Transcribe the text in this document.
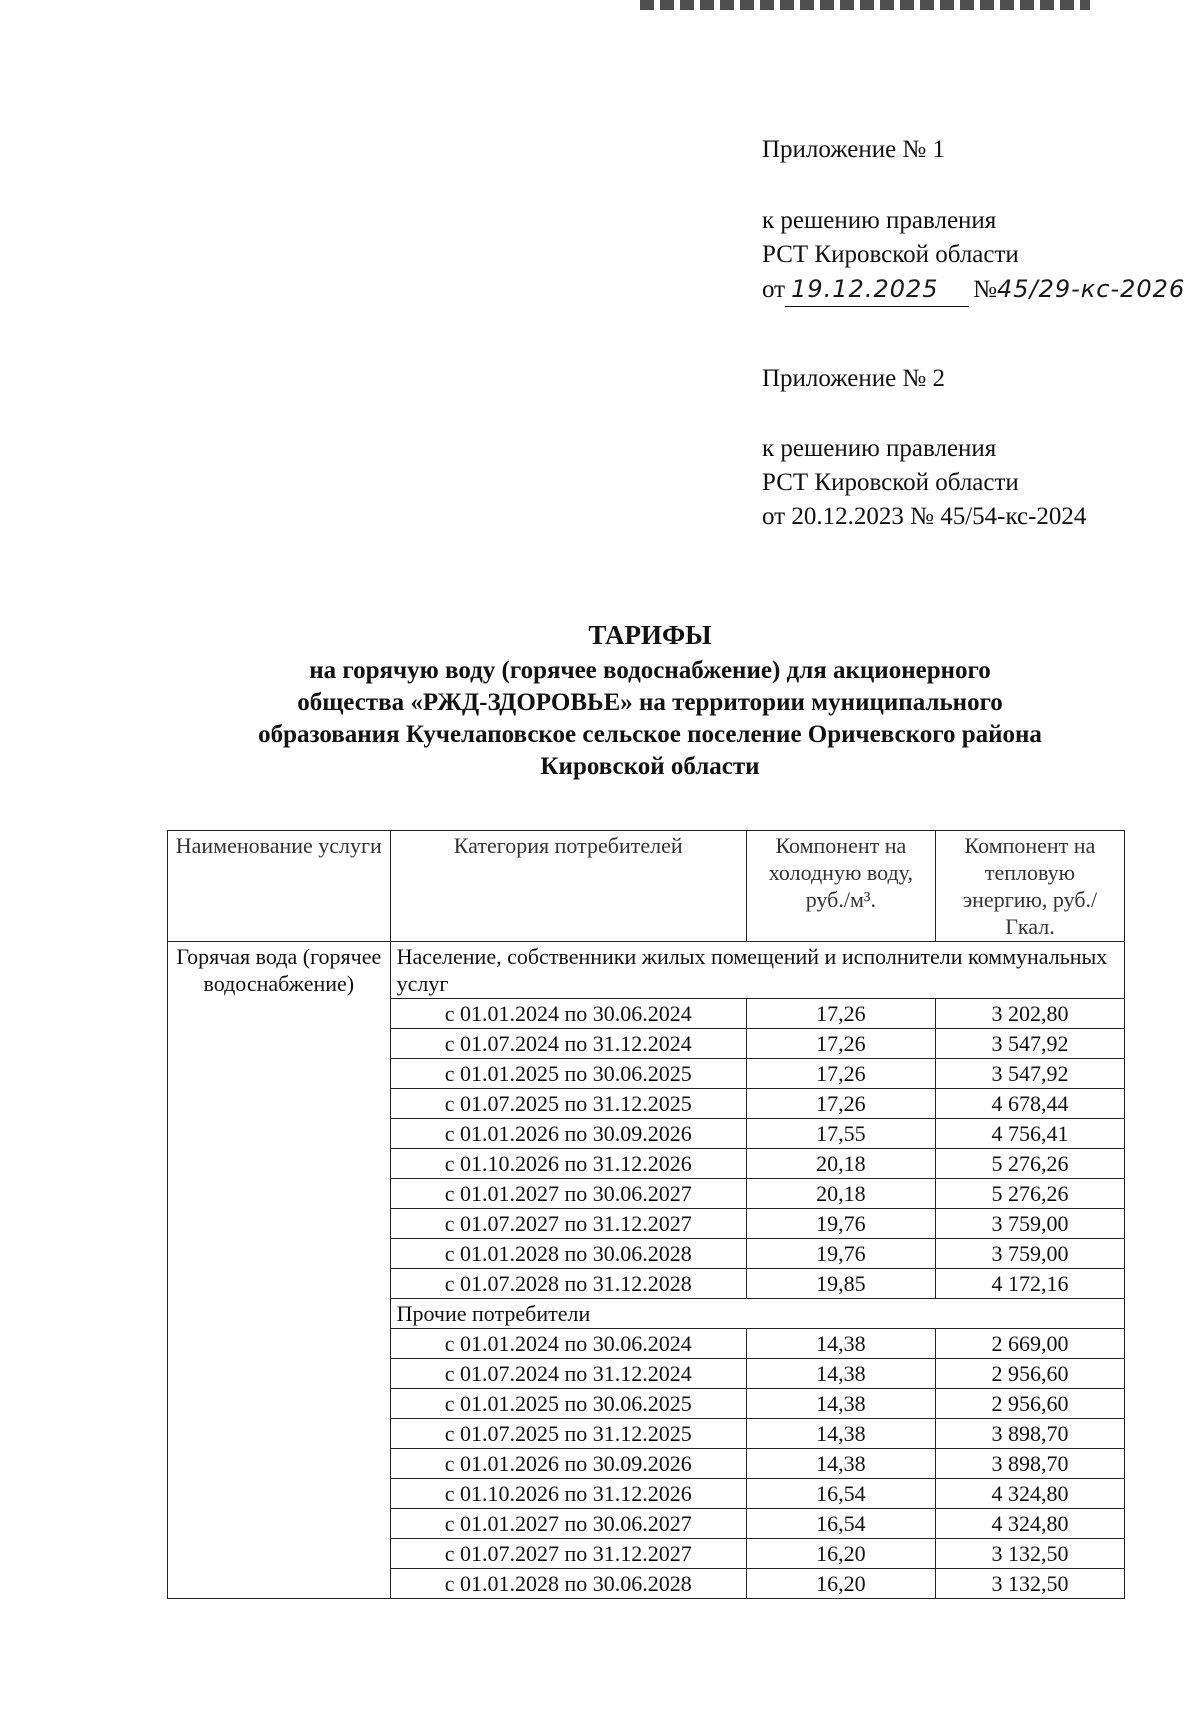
Приложение № 1
к решению правления
РСТ Кировской области
от 19.12.2025 №45/29-кс-2026
Приложение № 2
к решению правления
РСТ Кировской области
от 20.12.2023 № 45/54-кс-2024
ТАРИФЫ
на горячую воду (горячее водоснабжение) для акционерного
общества «РЖД-ЗДОРОВЬЕ» на территории муниципального
образования Кучелаповское сельское поселение Оричевского района
Кировской области
Наименование услуги	Категория потребителей	Компонент на холодную воду, руб./м³.	Компонент на тепловую энергию, руб./Гкал.
Горячая вода (горячее водоснабжение)	Население, собственники жилых помещений и исполнители коммунальных услуг		
	с 01.01.2024 по 30.06.2024	17,26	3 202,80
	с 01.07.2024 по 31.12.2024	17,26	3 547,92
	с 01.01.2025 по 30.06.2025	17,26	3 547,92
	с 01.07.2025 по 31.12.2025	17,26	4 678,44
	с 01.01.2026 по 30.09.2026	17,55	4 756,41
	с 01.10.2026 по 31.12.2026	20,18	5 276,26
	с 01.01.2027 по 30.06.2027	20,18	5 276,26
	с 01.07.2027 по 31.12.2027	19,76	3 759,00
	с 01.01.2028 по 30.06.2028	19,76	3 759,00
	с 01.07.2028 по 31.12.2028	19,85	4 172,16
	Прочие потребители		
	с 01.01.2024 по 30.06.2024	14,38	2 669,00
	с 01.07.2024 по 31.12.2024	14,38	2 956,60
	с 01.01.2025 по 30.06.2025	14,38	2 956,60
	с 01.07.2025 по 31.12.2025	14,38	3 898,70
	с 01.01.2026 по 30.09.2026	14,38	3 898,70
	с 01.10.2026 по 31.12.2026	16,54	4 324,80
	с 01.01.2027 по 30.06.2027	16,54	4 324,80
	с 01.07.2027 по 31.12.2027	16,20	3 132,50
	с 01.01.2028 по 30.06.2028	16,20	3 132,50
